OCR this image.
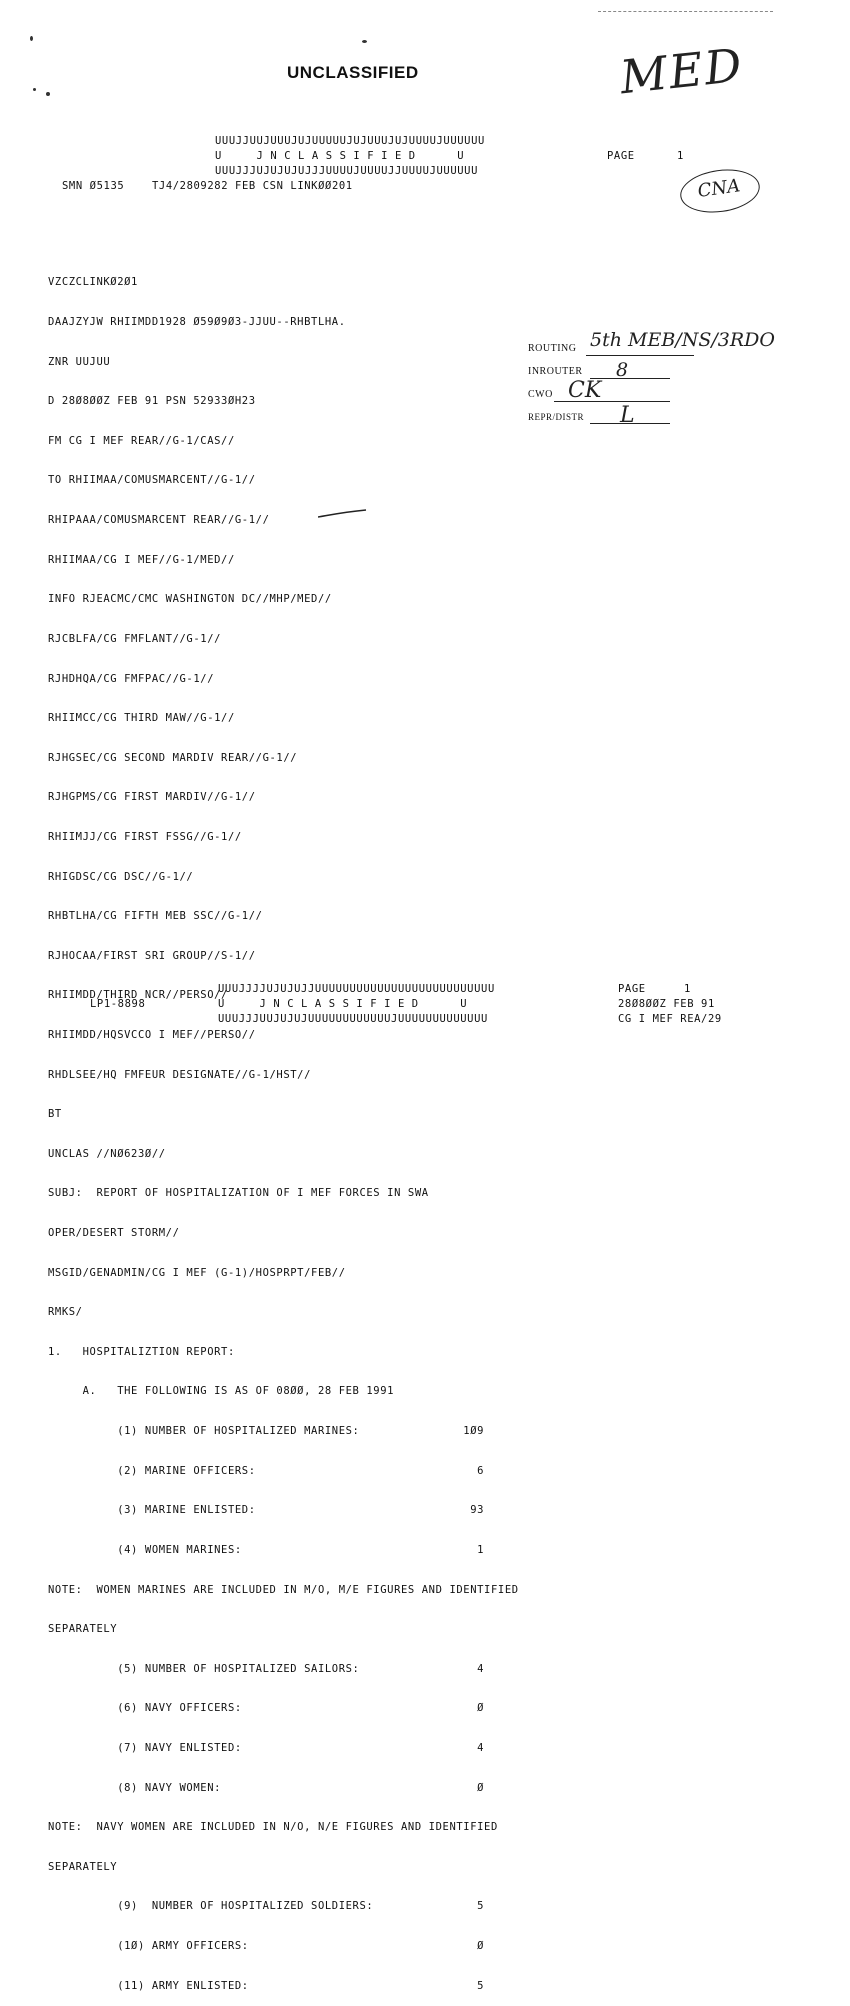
UNCLASSIFIED	MED
UUUJJUUJUUUJUJUUUUUJUJUUUJUJUUUUJUUUUUU
U     J N C L A S S I F I E D      U	PAGE	1
UUUJJJUJUJUJUJJJUUUUJUUUUJJUUUUJUUUUUU
SMN Ø5135    TJ4/2809282 FEB CSN LINKØØ201	CNA

VZCZCLINKØ2Ø1

DAAJZYJW RHIIMDD1928 Ø59Ø9Ø3-JJUU--RHBTLHA.

ZNR UUJUU

D 28Ø8ØØZ FEB 91 PSN 52933ØH23

FM CG I MEF REAR//G-1/CAS//

TO RHIIMAA/COMUSMARCENT//G-1//

RHIPAAA/COMUSMARCENT REAR//G-1//

RHIIMAA/CG I MEF//G-1/MED//

INFO RJEACMC/CMC WASHINGTON DC//MHP/MED//

RJCBLFA/CG FMFLANT//G-1//

RJHDHQA/CG FMFPAC//G-1//

RHIIMCC/CG THIRD MAW//G-1//

RJHGSEC/CG SECOND MARDIV REAR//G-1//

RJHGPMS/CG FIRST MARDIV//G-1//

RHIIMJJ/CG FIRST FSSG//G-1//

RHIGDSC/CG DSC//G-1//

RHBTLHA/CG FIFTH MEB SSC//G-1//

RJHOCAA/FIRST SRI GROUP//S-1//

RHIIMDD/THIRD NCR//PERSO//

RHIIMDD/HQSVCCO I MEF//PERSO//

RHDLSEE/HQ FMFEUR DESIGNATE//G-1/HST//

BT

UNCLAS //NØ623Ø//

SUBJ:  REPORT OF HOSPITALIZATION OF I MEF FORCES IN SWA

OPER/DESERT STORM//

MSGID/GENADMIN/CG I MEF (G-1)/HOSPRPT/FEB//

RMKS/

1.   HOSPITALIZTION REPORT:

A.   THE FOLLOWING IS AS OF 08ØØ, 28 FEB 1991

(1) NUMBER OF HOSPITALIZED MARINES:               1Ø9

(2) MARINE OFFICERS:                                6

(3) MARINE ENLISTED:                               93

(4) WOMEN MARINES:                                  1

NOTE:  WOMEN MARINES ARE INCLUDED IN M/O, M/E FIGURES AND IDENTIFIED

SEPARATELY

(5) NUMBER OF HOSPITALIZED SAILORS:                 4

(6) NAVY OFFICERS:                                  Ø

(7) NAVY ENLISTED:                                  4

(8) NAVY WOMEN:                                     Ø

NOTE:  NAVY WOMEN ARE INCLUDED IN N/O, N/E FIGURES AND IDENTIFIED

SEPARATELY

(9)  NUMBER OF HOSPITALIZED SOLDIERS:               5

(1Ø) ARMY OFFICERS:                                 Ø

(11) ARMY ENLISTED:                                 5

ROUTING 5th MEB/NS/3RDO
INROUTER 8
CWO CK
REPR/DISTR L
UUUJJJJUJUJUJJUUUUUUUUUUUUUUUUUUUUUUUUUU
LP1-8898	U     J N C L A S S I F I E D      U
UUUJJJUUJUJUJUUUUUUUUUUUUJUUUUUUUUUUUUU
PAGE	1
28Ø8ØØZ FEB 91
CG I MEF REA/29
